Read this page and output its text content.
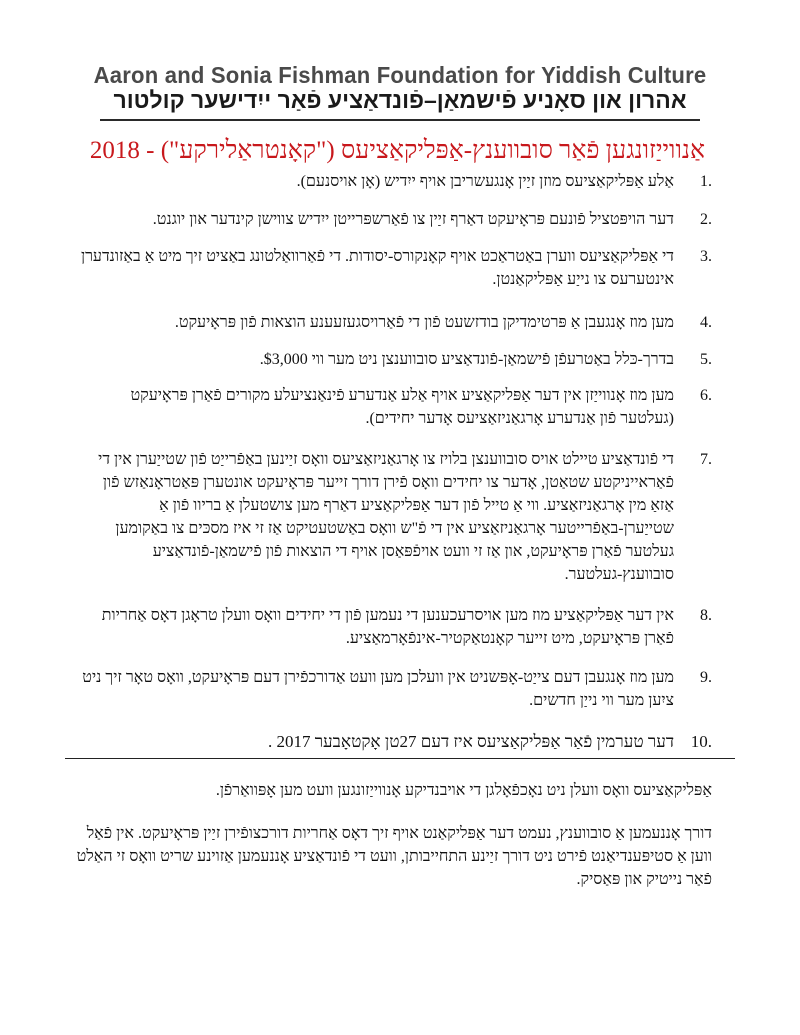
Aaron and Sonia Fishman Foundation for Yiddish Culture
אהרון און סאָניע פֿישמאַן–פֿונדאַציע פֿאַר ייִדישער קולטור
אַנווייַזונגען פֿאַר סובווענץ-אַפּליקאַציעס ("קאָנטראַלירקע") - 2018
1.
אַלע אַפּליקאַציעס מוזן זיַין אָנגעשריבן אויף ייִדיש (אָן אויסנעם).
2.
דער הויפּטציל פֿונעם פּראָיעקט דאַרף זיַין צו פֿאַרשפּרייטן ייִדיש צווישן קינדער און יוגנט.
3.
די אַפּליקאַציעס ווערן באַטראַכט אויף קאָנקורס-יסודות. די פֿאַרוואַלטונג באַציט זיך מיט אַ באַזונדערן אינטערעס צו נייַע אַפּליקאַנטן.
4.
מען מוז אָנגעבן אַ פּרטימדיקן בודזשעט פֿון די פֿאַרויסגעזעענע הוצאות פֿון פּראָיעקט.
5.
בדרך-כּלל באַטרעפֿן פֿישמאַן-פֿונדאַציע סובווענצן ניט מער ווי $3,000.
6.
מען מוז אָנווייַזן אין דער אַפּליקאַציע אויף אַלע אַנדערע פֿינאַנציעלע מקורים פֿאַרן פּראָיעקט (געלטער פֿון אַנדערע אָרגאַניזאַציעס אָדער יחידים).
7.
די פֿונדאַציע טיילט אויס סובווענצן בלויז צו אָרגאַניזאַציעס וואָס זיַינען באַפֿרייַט פֿון שטייַערן אין די פֿאַראייניקטע שטאַטן, אָדער צו יחידים וואָס פֿירן דורך זייער פּראָיעקט אונטערן פּאַטראָנאַזש פֿון אַזאַ מין אָרגאַניזאַציע. ווי אַ טייל פֿון דער אַפּליקאַציע דאַרף מען צושטעלן אַ בריוו פֿון אַ שטייַערן-באַפֿרייטער אָרגאַניזאַציע אין די פֿ"ש וואָס באַשטעטיקט אַז זי איז מסכּים צו באַקומען געלטער פֿאַרן פּראָיעקט, און אַז זי וועט אויפֿפּאַסן אויף די הוצאות פֿון פֿישמאַן-פֿונדאַציע סובווענץ-געלטער.
8.
אין דער אַפּליקאַציע מוז מען אויסרעכענען די נעמען פֿון די יחידים וואָס וועלן טראָגן דאָס אַחריות פֿאַרן פּראָיעקט, מיט זייער קאָנטאַקטיר-אינפֿאָרמאַציע.
9.
מען מוז אָנגעבן דעם צייַט-אָפּשניט אין וועלכן מען וועט אַדורכפֿירן דעם פּראָיעקט, וואָס טאָר זיך ניט ציִען מער ווי נייַן חדשים.
10.
דער טערמין פֿאַר אַפּליקאַציעס איז דעם 27טן אָקטאָבער 2017 .
אַפּליקאַציעס וואָס וועלן ניט נאָכפֿאָלגן די אויבנדיקע אָנווייַזונגען וועט מען אָפּוואַרפֿן.
דורך אָננעמען אַ סובווענץ, נעמט דער אַפּליקאַנט אויף זיך דאָס אַחריות דורכצופֿירן זיַין פּראָיעקט. אין פֿאַל ווען אַ סטיפּענדיאַנט פֿירט ניט דורך זיַינע התחייבותן, וועט די פֿונדאַציע אָננעמען אַזוינע שריט וואָס זי האַלט פֿאַר נייטיק און פּאַסיק.
